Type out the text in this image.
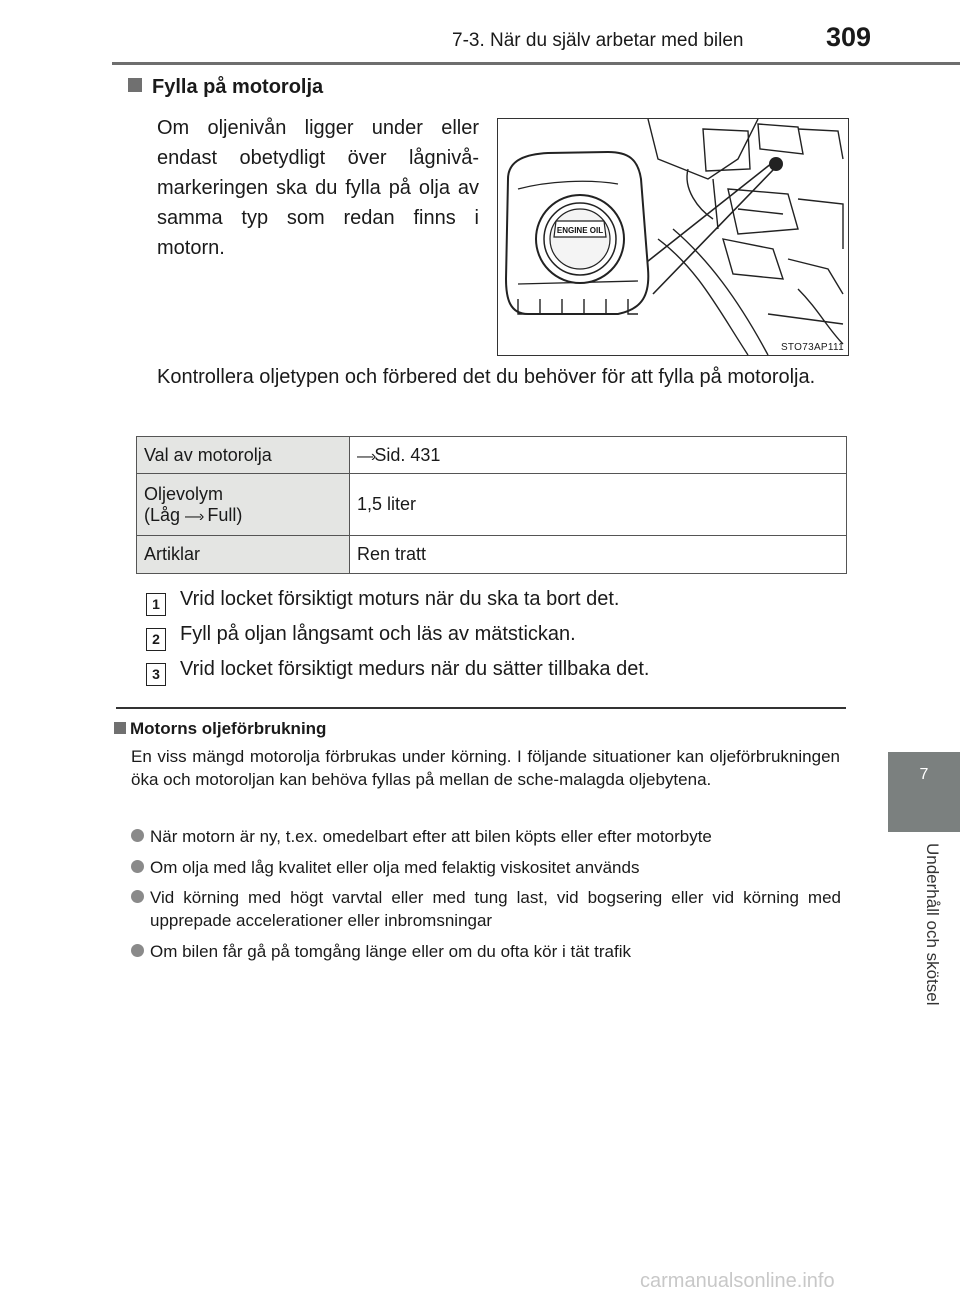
7-3. När du själv arbetar med bilen	309
7
Underhåll och skötsel
Fylla på motorolja
Om oljenivån ligger under eller endast obetydligt över lågnivå-markeringen ska du fylla på olja av samma typ som redan finns i motorn.
ENGINE OIL
STO73AP111
Kontrollera oljetypen och förbered det du behöver för att fylla på motorolja.
Val av motorolja	—›Sid. 431

Oljevolym
(Låg —› Full)	1,5 liter
Artiklar	Ren tratt
1 Vrid locket försiktigt moturs när du ska ta bort det.
2 Fyll på oljan långsamt och läs av mätstickan.
3 Vrid locket försiktigt medurs när du sätter tillbaka det.
Motorns oljeförbrukning
En viss mängd motorolja förbrukas under körning. I följande situationer kan oljeförbrukningen öka och motoroljan kan behöva fyllas på mellan de sche-malagda oljebytena.
När motorn är ny, t.ex. omedelbart efter att bilen köpts eller efter motorbyte
Om olja med låg kvalitet eller olja med felaktig viskositet används
Vid körning med högt varvtal eller med tung last, vid bogsering eller vid körning med upprepade accelerationer eller inbromsningar
Om bilen får gå på tomgång länge eller om du ofta kör i tät trafik
carmanualsonline.info
